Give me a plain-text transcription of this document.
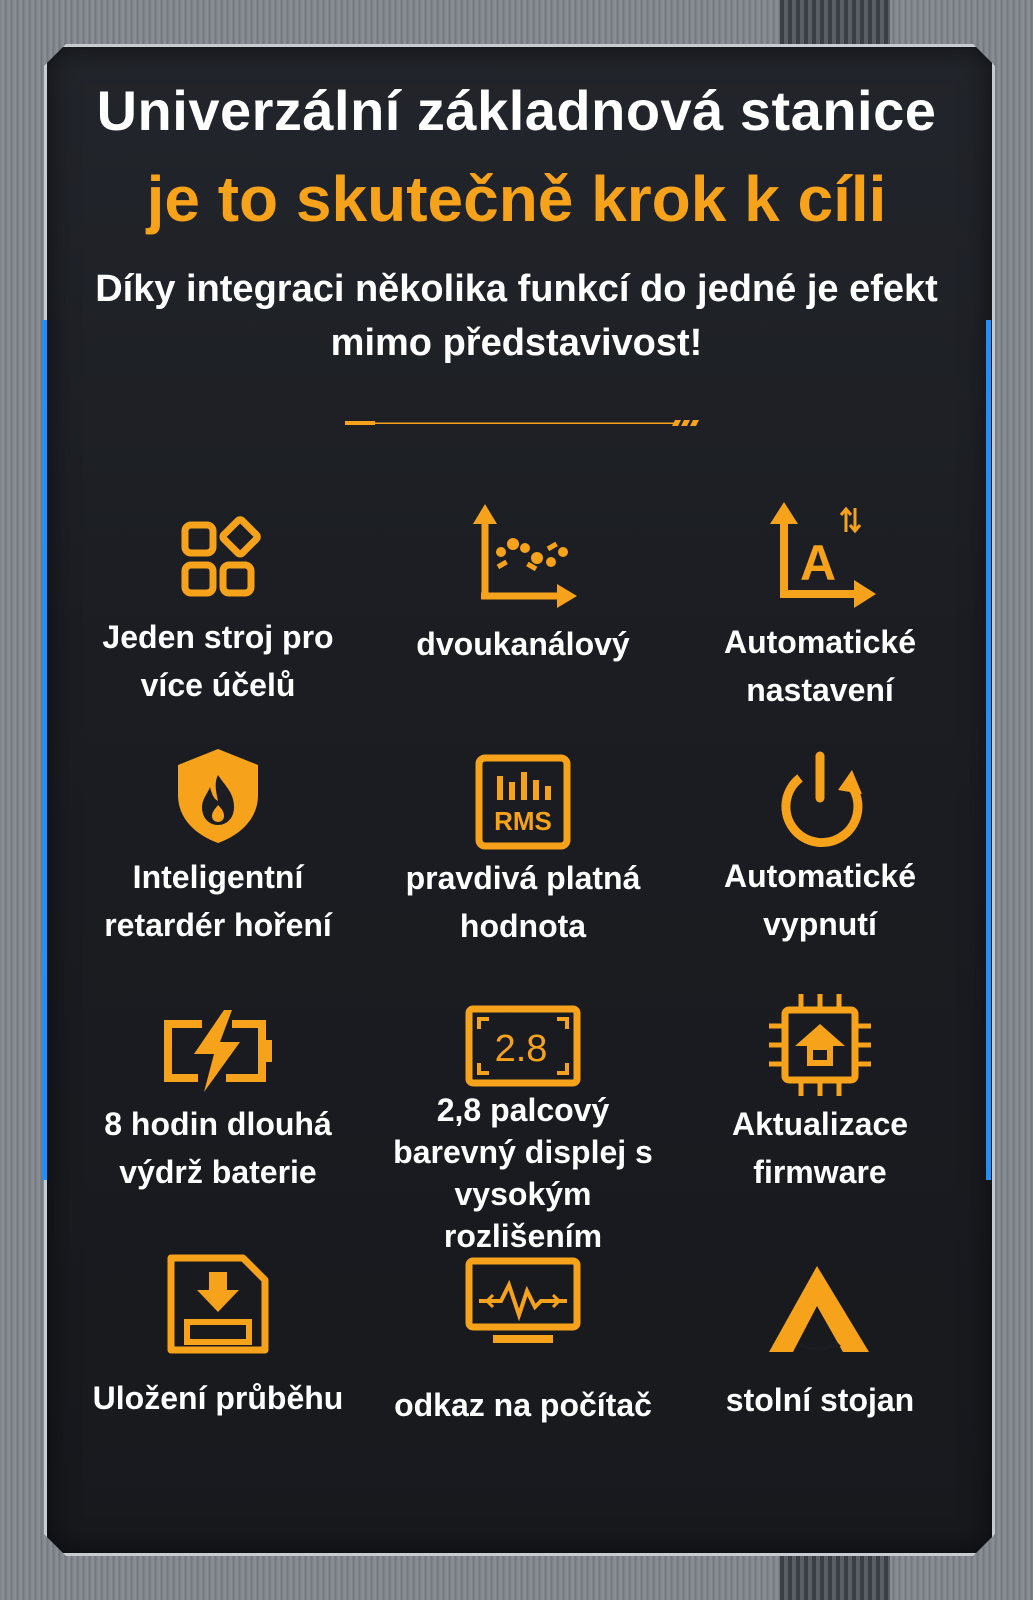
Univerzální základnová stanice
je to skutečně krok k cíli
Díky integraci několika funkcí do jedné je efekt mimo představivost!
Jeden stroj pro více účelů
dvoukanálový
A
Automatické nastavení
Inteligentní retardér hoření
RMS
pravdivá platná hodnota
Automatické vypnutí
8 hodin dlouhá výdrž baterie
2.8
2,8 palcový barevný displej s vysokým rozlišením
Aktualizace firmware
Uložení průběhu	odkaz na počítač	stolní stojan
